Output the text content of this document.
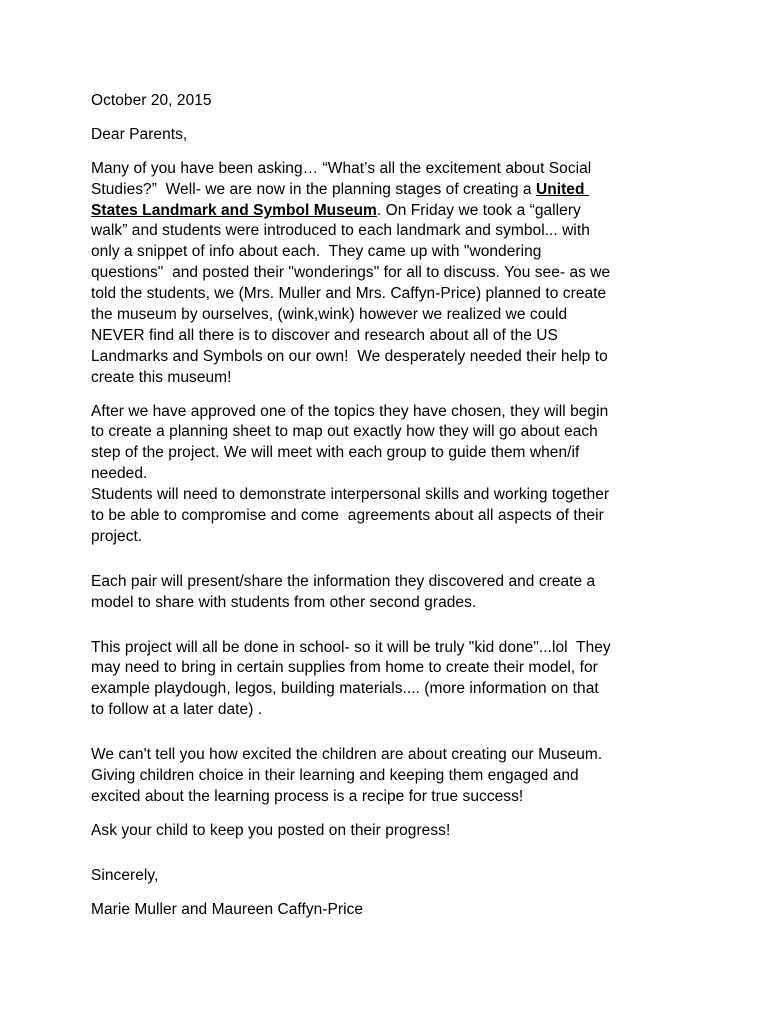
October 20, 2015
Dear Parents,
Many of you have been asking… “What’s all the excitement about Social
Studies?”  Well- we are now in the planning stages of creating a United
States Landmark and Symbol Museum. On Friday we took a “gallery
walk” and students were introduced to each landmark and symbol... with
only a snippet of info about each.  They came up with "wondering
questions"  and posted their "wonderings" for all to discuss. You see- as we
told the students, we (Mrs. Muller and Mrs. Caffyn-Price) planned to create
the museum by ourselves, (wink,wink) however we realized we could
NEVER find all there is to discover and research about all of the US
Landmarks and Symbols on our own!  We desperately needed their help to
create this museum!
After we have approved one of the topics they have chosen, they will begin
to create a planning sheet to map out exactly how they will go about each
step of the project. We will meet with each group to guide them when/if
needed.
Students will need to demonstrate interpersonal skills and working together
to be able to compromise and come  agreements about all aspects of their
project.
Each pair will present/share the information they discovered and create a
model to share with students from other second grades.
This project will all be done in school- so it will be truly "kid done"...lol  They
may need to bring in certain supplies from home to create their model, for
example playdough, legos, building materials.... (more information on that
to follow at a later date) .
We can't tell you how excited the children are about creating our Museum.
Giving children choice in their learning and keeping them engaged and
excited about the learning process is a recipe for true success!
Ask your child to keep you posted on their progress!
Sincerely,
Marie Muller and Maureen Caffyn-Price
